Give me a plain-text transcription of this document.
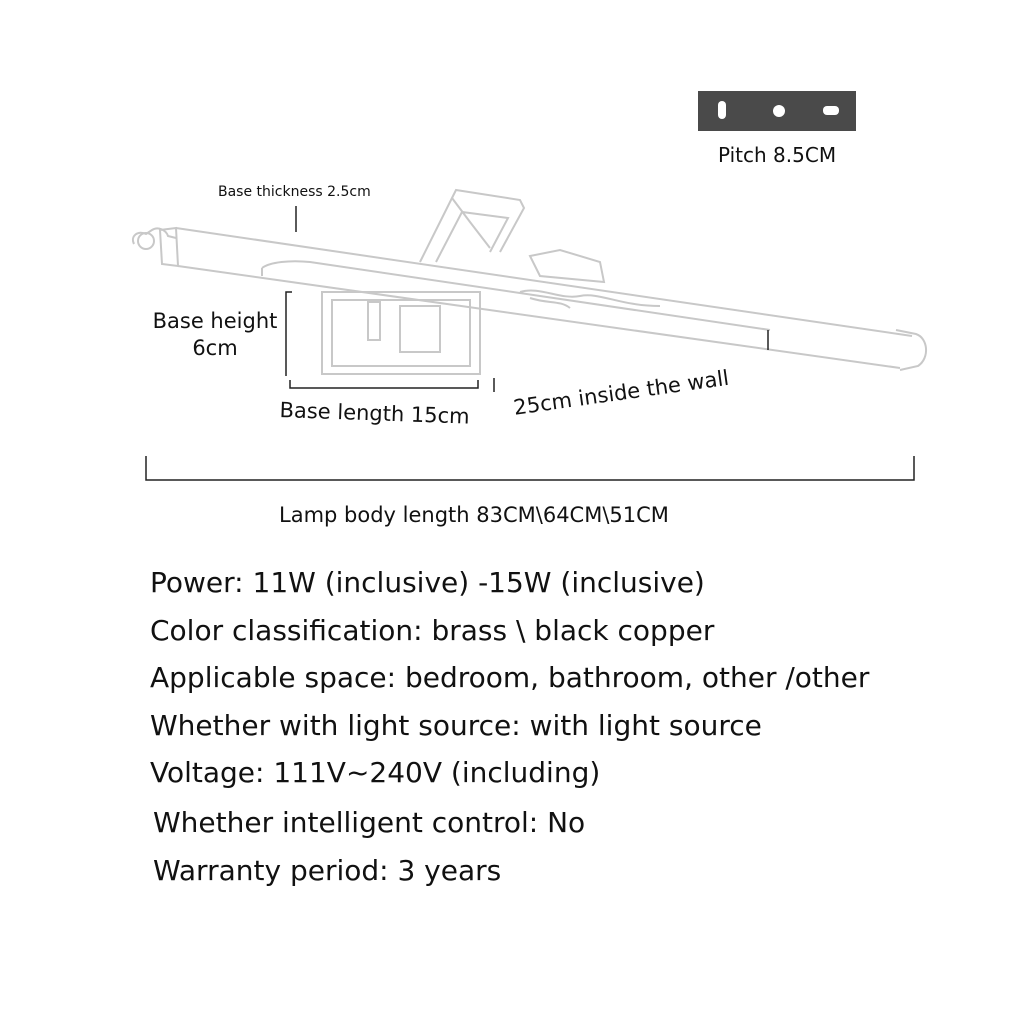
Pitch 8.5CM
Base thickness 2.5cm
Base height
6cm
Base length 15cm 25cm inside the wall
Lamp body length 83CM\64CM\51CM
Power: 11W (inclusive) -15W (inclusive)
Color classification: brass \ black copper
Applicable space: bedroom, bathroom, other /other
Whether with light source: with light source
Voltage: 111V~240V (including)
Whether intelligent control: No
Warranty period: 3 years
